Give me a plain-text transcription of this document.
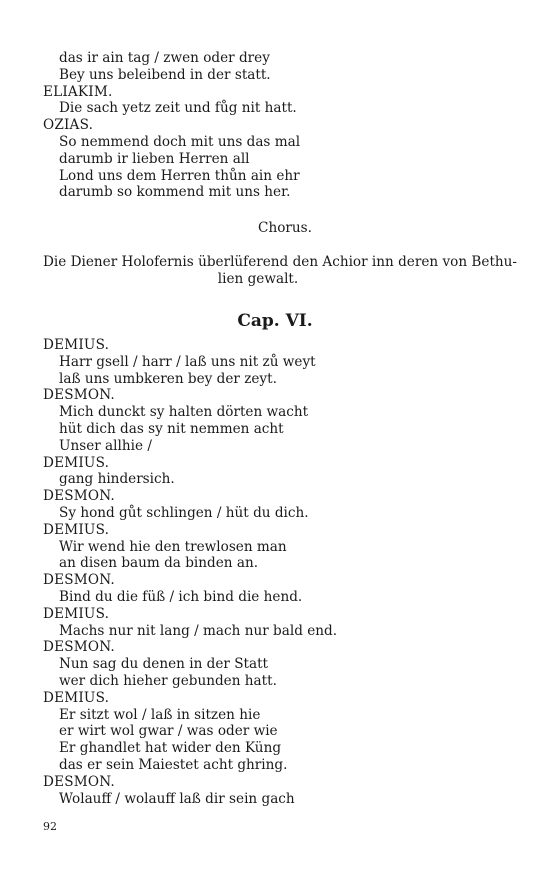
das ir ain tag / zwen oder drey
Bey uns beleibend in der statt.
ELIAKIM.
Die sach yetz zeit und fůg nit hatt.
OZIAS.
So nemmend doch mit uns das mal
darumb ir lieben Herren all
Lond uns dem Herren thůn ain ehr
darumb so kommend mit uns her.
Chorus.
Die Diener Holofernis überlüferend den Achior inn deren von Bethu-
lien gewalt.
Cap. VI.
DEMIUS.
Harr gsell / harr / laß uns nit zů weyt
laß uns umbkeren bey der zeyt.
DESMON.
Mich dunckt sy halten dörten wacht
hüt dich das sy nit nemmen acht
Unser allhie /
DEMIUS.
gang hindersich.
DESMON.
Sy hond gůt schlingen / hüt du dich.
DEMIUS.
Wir wend hie den trewlosen man
an disen baum da binden an.
DESMON.
Bind du die füß / ich bind die hend.
DEMIUS.
Machs nur nit lang / mach nur bald end.
DESMON.
Nun sag du denen in der Statt
wer dich hieher gebunden hatt.
DEMIUS.
Er sitzt wol / laß in sitzen hie
er wirt wol gwar / was oder wie
Er ghandlet hat wider den Küng
das er sein Maiestet acht ghring.
DESMON.
Wolauff / wolauff laß dir sein gach
92
